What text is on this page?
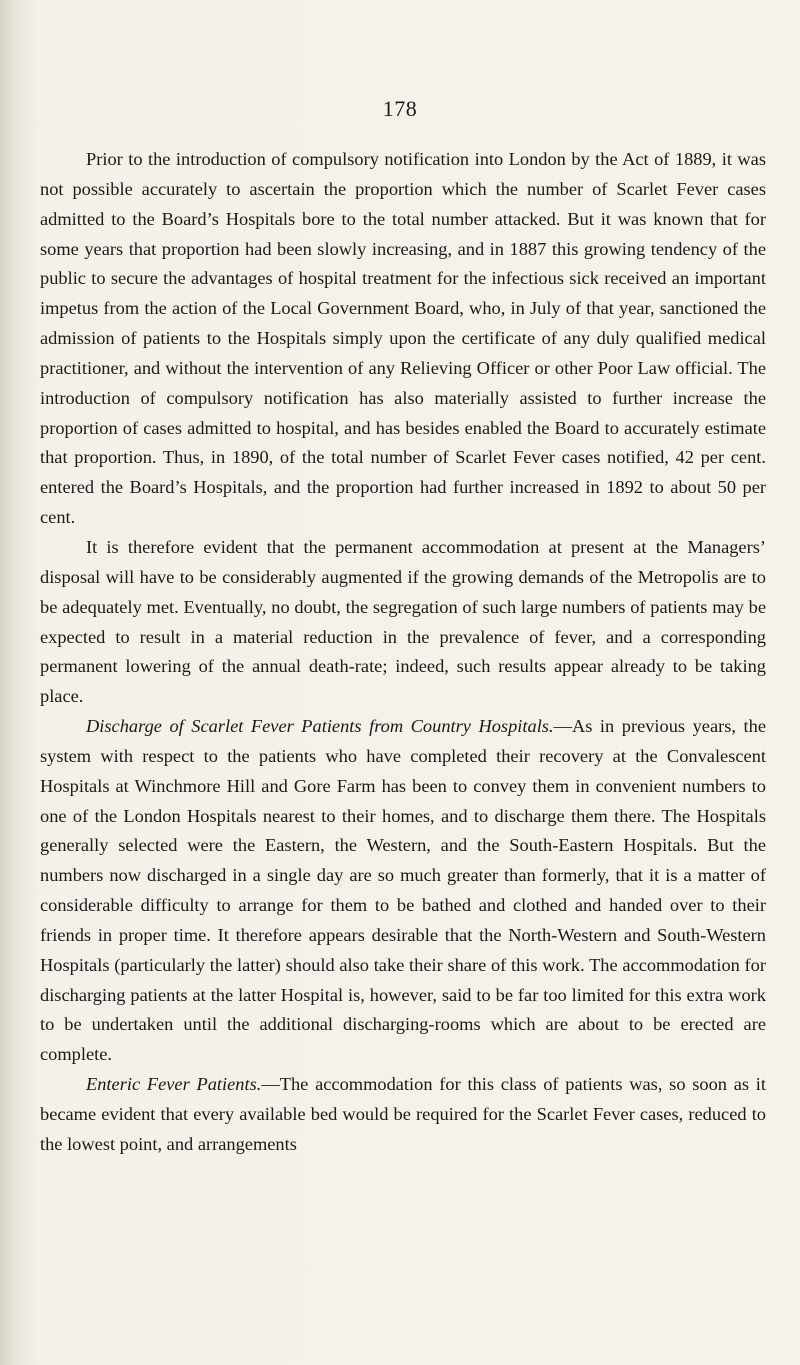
178

Prior to the introduction of compulsory notification into London by the Act of 1889, it was not possible accurately to ascertain the proportion which the number of Scarlet Fever cases admitted to the Board’s Hospitals bore to the total number attacked. But it was known that for some years that proportion had been slowly increasing, and in 1887 this growing tendency of the public to secure the advantages of hospital treatment for the infectious sick received an important impetus from the action of the Local Government Board, who, in July of that year, sanctioned the admission of patients to the Hospitals simply upon the certificate of any duly qualified medical practitioner, and without the intervention of any Relieving Officer or other Poor Law official. The introduction of compulsory notification has also materially assisted to further increase the proportion of cases admitted to hospital, and has besides enabled the Board to accurately estimate that proportion. Thus, in 1890, of the total number of Scarlet Fever cases notified, 42 per cent. entered the Board’s Hospitals, and the proportion had further increased in 1892 to about 50 per cent.

It is therefore evident that the permanent accommodation at present at the Managers’ disposal will have to be considerably augmented if the growing demands of the Metropolis are to be adequately met. Eventually, no doubt, the segregation of such large numbers of patients may be expected to result in a material reduction in the prevalence of fever, and a corresponding permanent lowering of the annual death-rate; indeed, such results appear already to be taking place.

Discharge of Scarlet Fever Patients from Country Hospitals.—As in previous years, the system with respect to the patients who have completed their recovery at the Convalescent Hospitals at Winchmore Hill and Gore Farm has been to convey them in convenient numbers to one of the London Hospitals nearest to their homes, and to discharge them there. The Hospitals generally selected were the Eastern, the Western, and the South-Eastern Hospitals. But the numbers now discharged in a single day are so much greater than formerly, that it is a matter of considerable difficulty to arrange for them to be bathed and clothed and handed over to their friends in proper time. It therefore appears desirable that the North-Western and South-Western Hospitals (particularly the latter) should also take their share of this work. The accommodation for discharging patients at the latter Hospital is, however, said to be far too limited for this extra work to be undertaken until the additional discharging-rooms which are about to be erected are complete.

Enteric Fever Patients.—The accommodation for this class of patients was, so soon as it became evident that every available bed would be required for the Scarlet Fever cases, reduced to the lowest point, and arrangements
